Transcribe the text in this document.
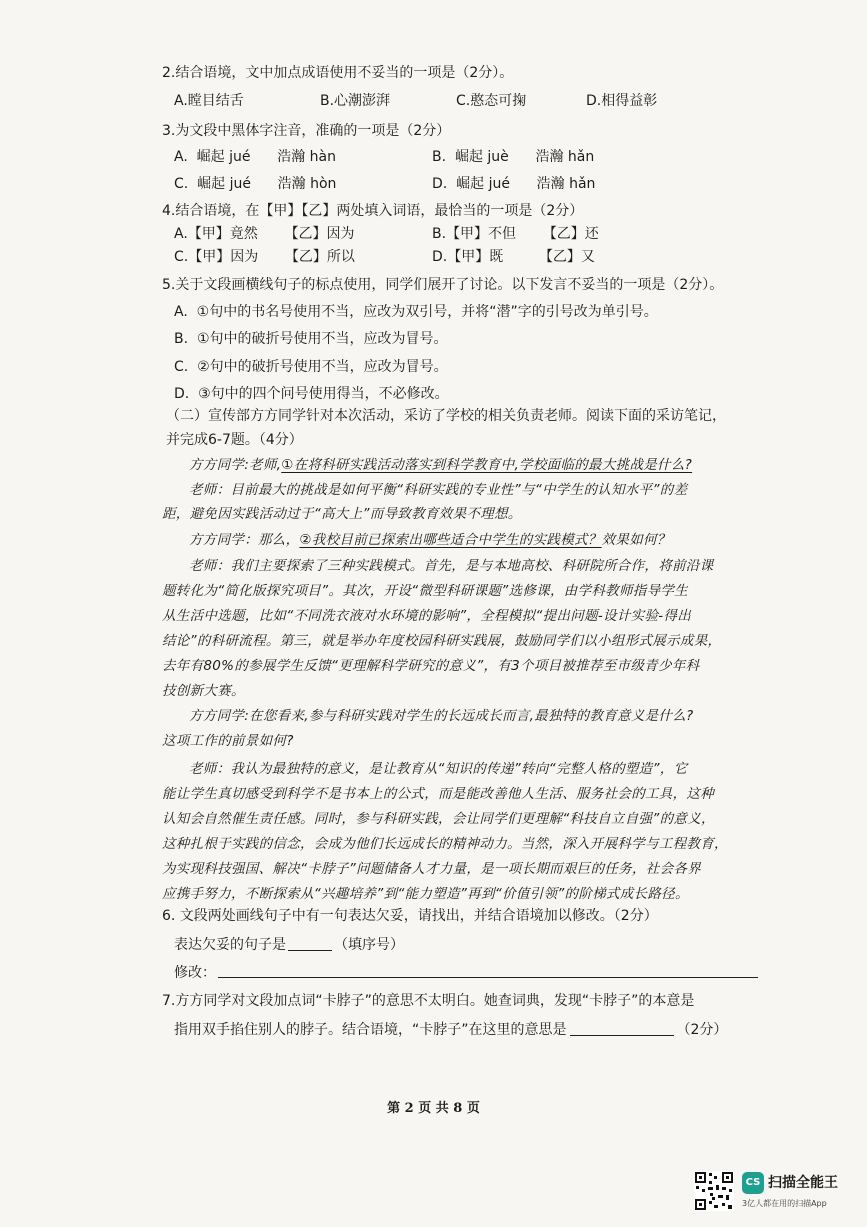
2.结合语境，文中加点成语使用不妥当的一项是（2分）。
A.瞠目结舌	B.心潮澎湃	C.憨态可掬	D.相得益彰
3.为文段中黑体字注音，准确的一项是（2分）
A.  崛起 jué      浩瀚 hàn	B.  崛起 juè      浩瀚 hǎn
C.  崛起 jué      浩瀚 hòn	D.  崛起 jué      浩瀚 hǎn
4.结合语境，在【甲】【乙】两处填入词语，最恰当的一项是（2分）
A.【甲】竟然      【乙】因为	B.【甲】不但      【乙】还
C.【甲】因为      【乙】所以	D.【甲】既        【乙】又
5.关于文段画横线句子的标点使用，同学们展开了讨论。以下发言不妥当的一项是（2分）。
A.  ①句中的书名号使用不当，应改为双引号，并将“潜”字的引号改为单引号。
B.  ①句中的破折号使用不当，应改为冒号。
C.  ②句中的破折号使用不当，应改为冒号。
D.  ③句中的四个问号使用得当，不必修改。
（二）宣传部方方同学针对本次活动，采访了学校的相关负责老师。阅读下面的采访笔记，
并完成6-7题。（4分）
方方同学:老师,①在将科研实践活动落实到科学教育中,学校面临的最大挑战是什么?
老师：目前最大的挑战是如何平衡“科研实践的专业性”与“中学生的认知水平”的差
距，避免因实践活动过于“高大上”而导致教育效果不理想。
方方同学：那么，②我校目前已探索出哪些适合中学生的实践模式？效果如何？
老师：我们主要探索了三种实践模式。首先，是与本地高校、科研院所合作，将前沿课
题转化为“简化版探究项目”。其次，开设“微型科研课题”选修课，由学科教师指导学生
从生活中选题，比如“不同洗衣液对水环境的影响”，全程模拟“提出问题-设计实验-得出
结论”的科研流程。第三，就是举办年度校园科研实践展，鼓励同学们以小组形式展示成果，
去年有80%的参展学生反馈“更理解科学研究的意义”，有3个项目被推荐至市级青少年科
技创新大赛。
方方同学:在您看来,参与科研实践对学生的长远成长而言,最独特的教育意义是什么?
这项工作的前景如何?
老师：我认为最独特的意义，是让教育从“知识的传递”转向“完整人格的塑造”，它
能让学生真切感受到科学不是书本上的公式，而是能改善他人生活、服务社会的工具，这种
认知会自然催生责任感。同时，参与科研实践，会让同学们更理解“科技自立自强”的意义，
这种扎根于实践的信念，会成为他们长远成长的精神动力。当然，深入开展科学与工程教育，
为实现科技强国、解决“卡脖子”问题储备人才力量，是一项长期而艰巨的任务，社会各界
应携手努力，不断探索从“兴趣培养”到“能力塑造”再到“价值引领”的阶梯式成长路径。
6. 文段两处画线句子中有一句表达欠妥，请找出，并结合语境加以修改。（2分）
表达欠妥的句子是	（填序号）
修改：
7.方方同学对文段加点词“卡脖子”的意思不太明白。她查词典，发现“卡脖子”的本意是
指用双手掐住别人的脖子。结合语境，“卡脖子”在这里的意思是	（2分）
第 2 页 共 8 页
CS 扫描全能王
3亿人都在用的扫描App
